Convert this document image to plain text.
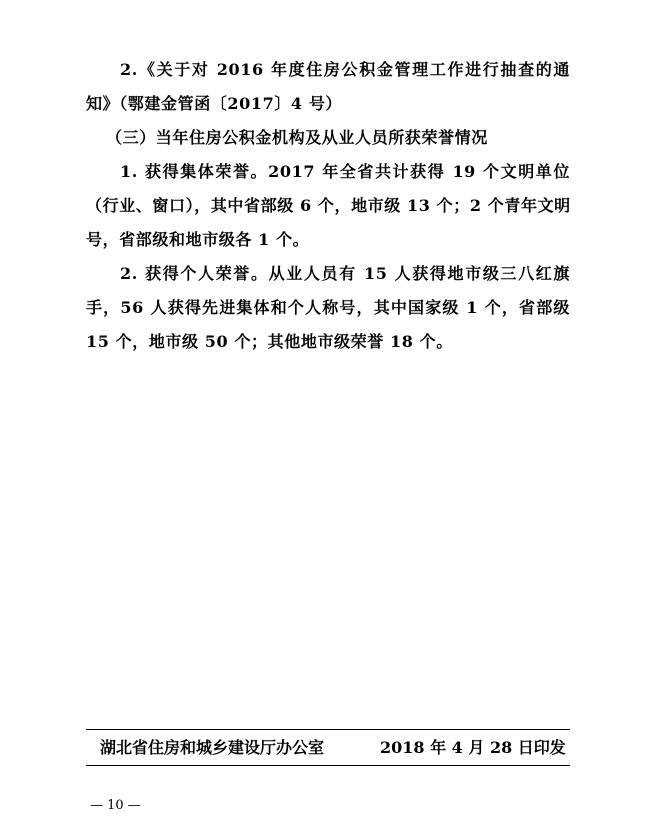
2.《关于对 2016 年度住房公积金管理工作进行抽查的通
知》（鄂建金管函〔2017〕4 号）
（三）当年住房公积金机构及从业人员所获荣誉情况
1. 获得集体荣誉。2017 年全省共计获得 19 个文明单位
（行业、窗口），其中省部级 6 个，地市级 13 个；2 个青年文明
号，省部级和地市级各 1 个。
2. 获得个人荣誉。从业人员有 15 人获得地市级三八红旗
手，56 人获得先进集体和个人称号，其中国家级 1 个，省部级
15 个，地市级 50 个；其他地市级荣誉 18 个。
湖北省住房和城乡建设厅办公室	2018 年 4 月 28 日印发
— 10 —
